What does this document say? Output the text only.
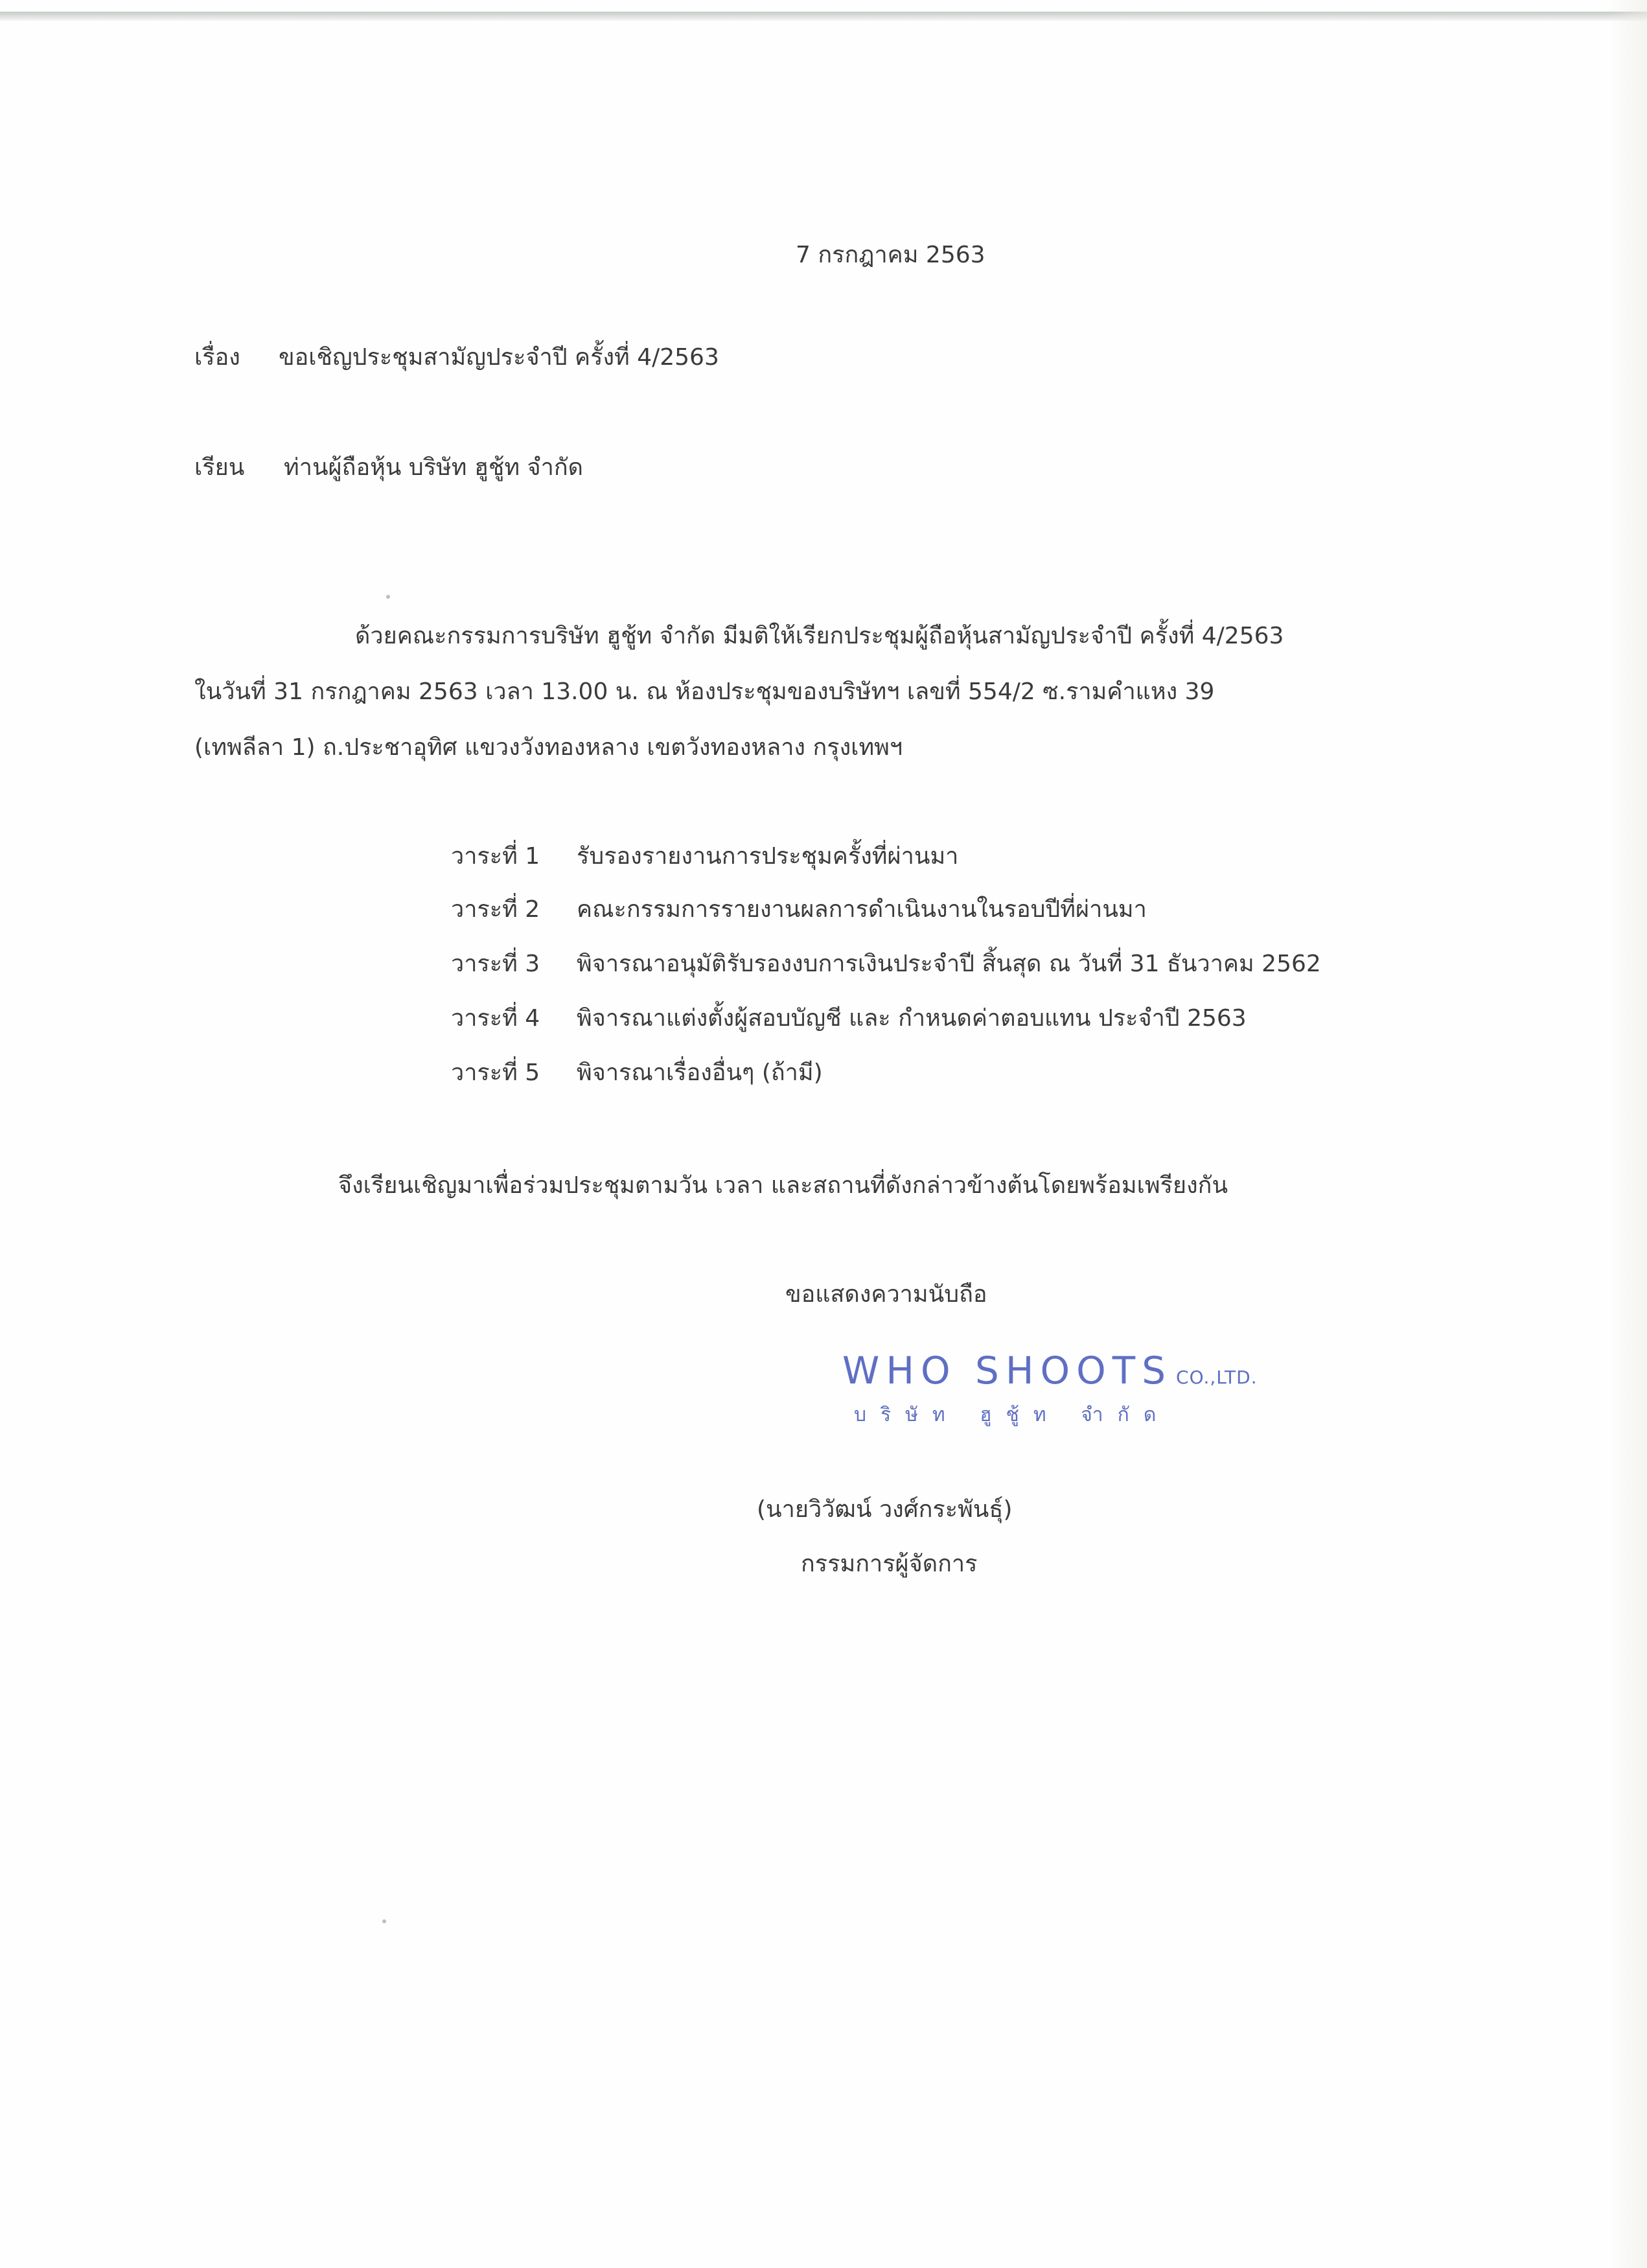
7 กรกฎาคม 2563
เรื่อง ขอเชิญประชุมสามัญประจำปี ครั้งที่ 4/2563
เรียน ท่านผู้ถือหุ้น บริษัท ฮูชู้ท จำกัด
ด้วยคณะกรรมการบริษัท ฮูชู้ท จำกัด มีมติให้เรียกประชุมผู้ถือหุ้นสามัญประจำปี ครั้งที่ 4/2563
ในวันที่ 31 กรกฎาคม 2563 เวลา 13.00 น. ณ ห้องประชุมของบริษัทฯ เลขที่ 554/2 ซ.รามคำแหง 39
(เทพลีลา 1) ถ.ประชาอุทิศ แขวงวังทองหลาง เขตวังทองหลาง กรุงเทพฯ
วาระที่ 1 รับรองรายงานการประชุมครั้งที่ผ่านมา
วาระที่ 2 คณะกรรมการรายงานผลการดำเนินงานในรอบปีที่ผ่านมา
วาระที่ 3 พิจารณาอนุมัติรับรองงบการเงินประจำปี สิ้นสุด ณ วันที่ 31 ธันวาคม 2562
วาระที่ 4 พิจารณาแต่งตั้งผู้สอบบัญชี และ กำหนดค่าตอบแทน ประจำปี 2563
วาระที่ 5 พิจารณาเรื่องอื่นๆ (ถ้ามี)
จึงเรียนเชิญมาเพื่อร่วมประชุมตามวัน เวลา และสถานที่ดังกล่าวข้างต้นโดยพร้อมเพรียงกัน
ขอแสดงความนับถือ
WHO SHOOTS CO.,LTD.
บริษัท ฮูชู้ท จำกัด
(นายวิวัฒน์ วงศ์กระพันธุ์)
กรรมการผู้จัดการ
